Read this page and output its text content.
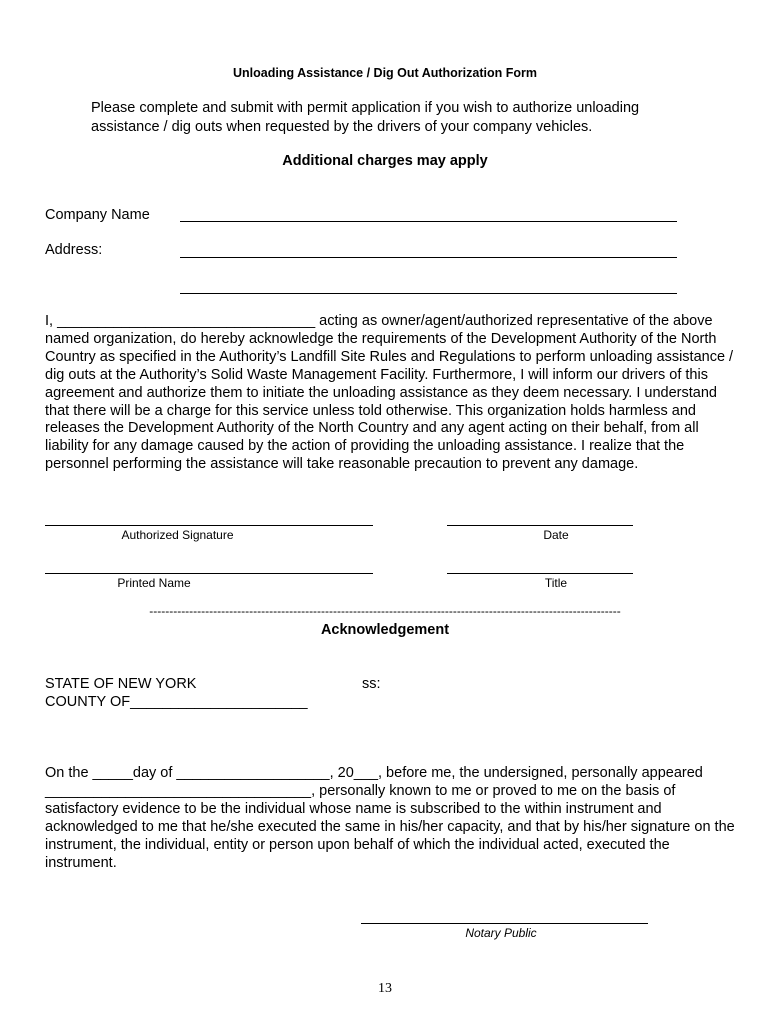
Unloading Assistance / Dig Out Authorization Form
Please complete and submit with permit application if you wish to authorize unloading assistance / dig outs when requested by the drivers of your company vehicles.
Additional charges may apply
Company Name
Address:
I, ________________________________ acting as owner/agent/authorized representative of the above named organization, do hereby acknowledge the requirements of the Development Authority of the North Country as specified in the Authority’s Landfill Site Rules and Regulations to perform unloading assistance / dig outs at the Authority’s Solid Waste Management Facility. Furthermore, I will inform our drivers of this agreement and authorize them to initiate the unloading assistance as they deem necessary. I understand that there will be a charge for this service unless told otherwise. This organization holds harmless and releases the Development Authority of the North Country and any agent acting on their behalf, from all liability for any damage caused by the action of providing the unloading assistance. I realize that the personnel performing the assistance will take reasonable precaution to prevent any damage.
Authorized Signature	Date
Printed Name	Title
----------------------------------------------------------------------------------------------------------------------
Acknowledgement
STATE OF NEW YORK	ss:
COUNTY OF______________________
On the _____day of ___________________, 20___, before me, the undersigned, personally appeared _________________________________, personally known to me or proved to me on the basis of satisfactory evidence to be the individual whose name is subscribed to the within instrument and acknowledged to me that he/she executed the same in his/her capacity, and that by his/her signature on the instrument, the individual, entity or person upon behalf of which the individual acted, executed the instrument.
Notary Public
13
